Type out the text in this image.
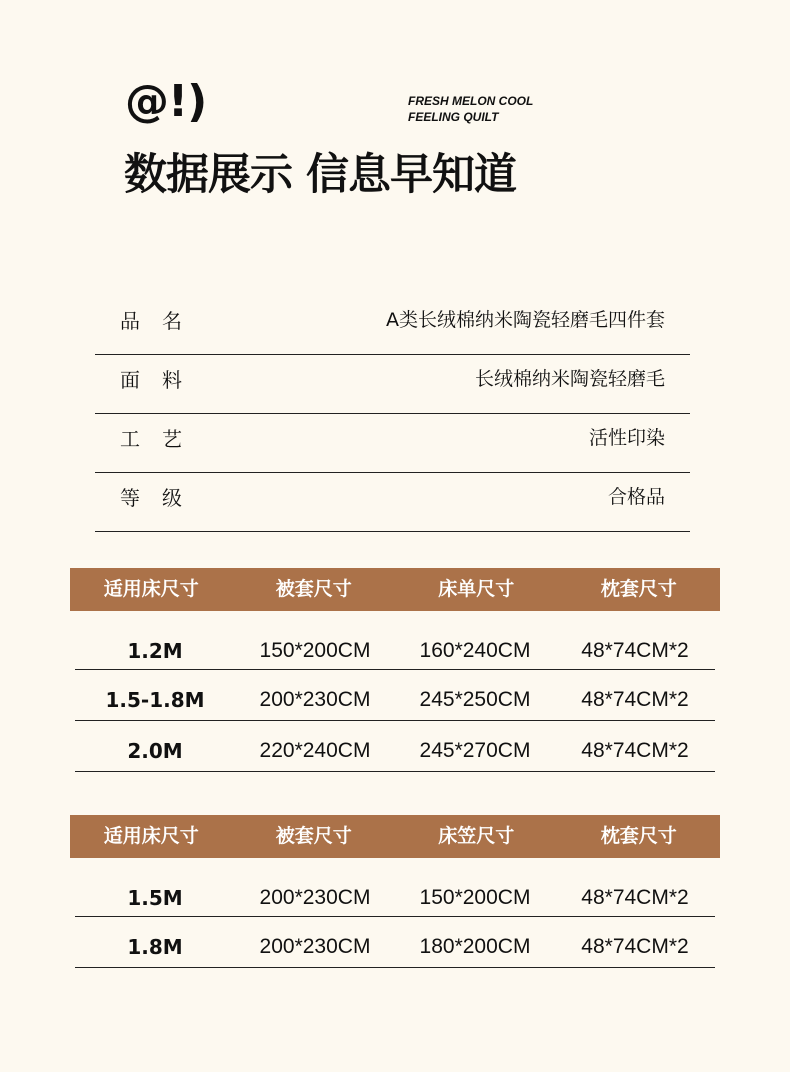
@!)	FRESH MELON COOL
FEELING QUILT
数据展示 信息早知道
品名	A类长绒棉纳米陶瓷轻磨毛四件套
面料	长绒棉纳米陶瓷轻磨毛
工艺	活性印染
等级	合格品
适用床尺寸	被套尺寸	床单尺寸	枕套尺寸
1.2M	150*200CM	160*240CM	48*74CM*2
1.5-1.8M	200*230CM	245*250CM	48*74CM*2
2.0M	220*240CM	245*270CM	48*74CM*2
适用床尺寸	被套尺寸	床笠尺寸	枕套尺寸
1.5M	200*230CM	150*200CM	48*74CM*2
1.8M	200*230CM	180*200CM	48*74CM*2
